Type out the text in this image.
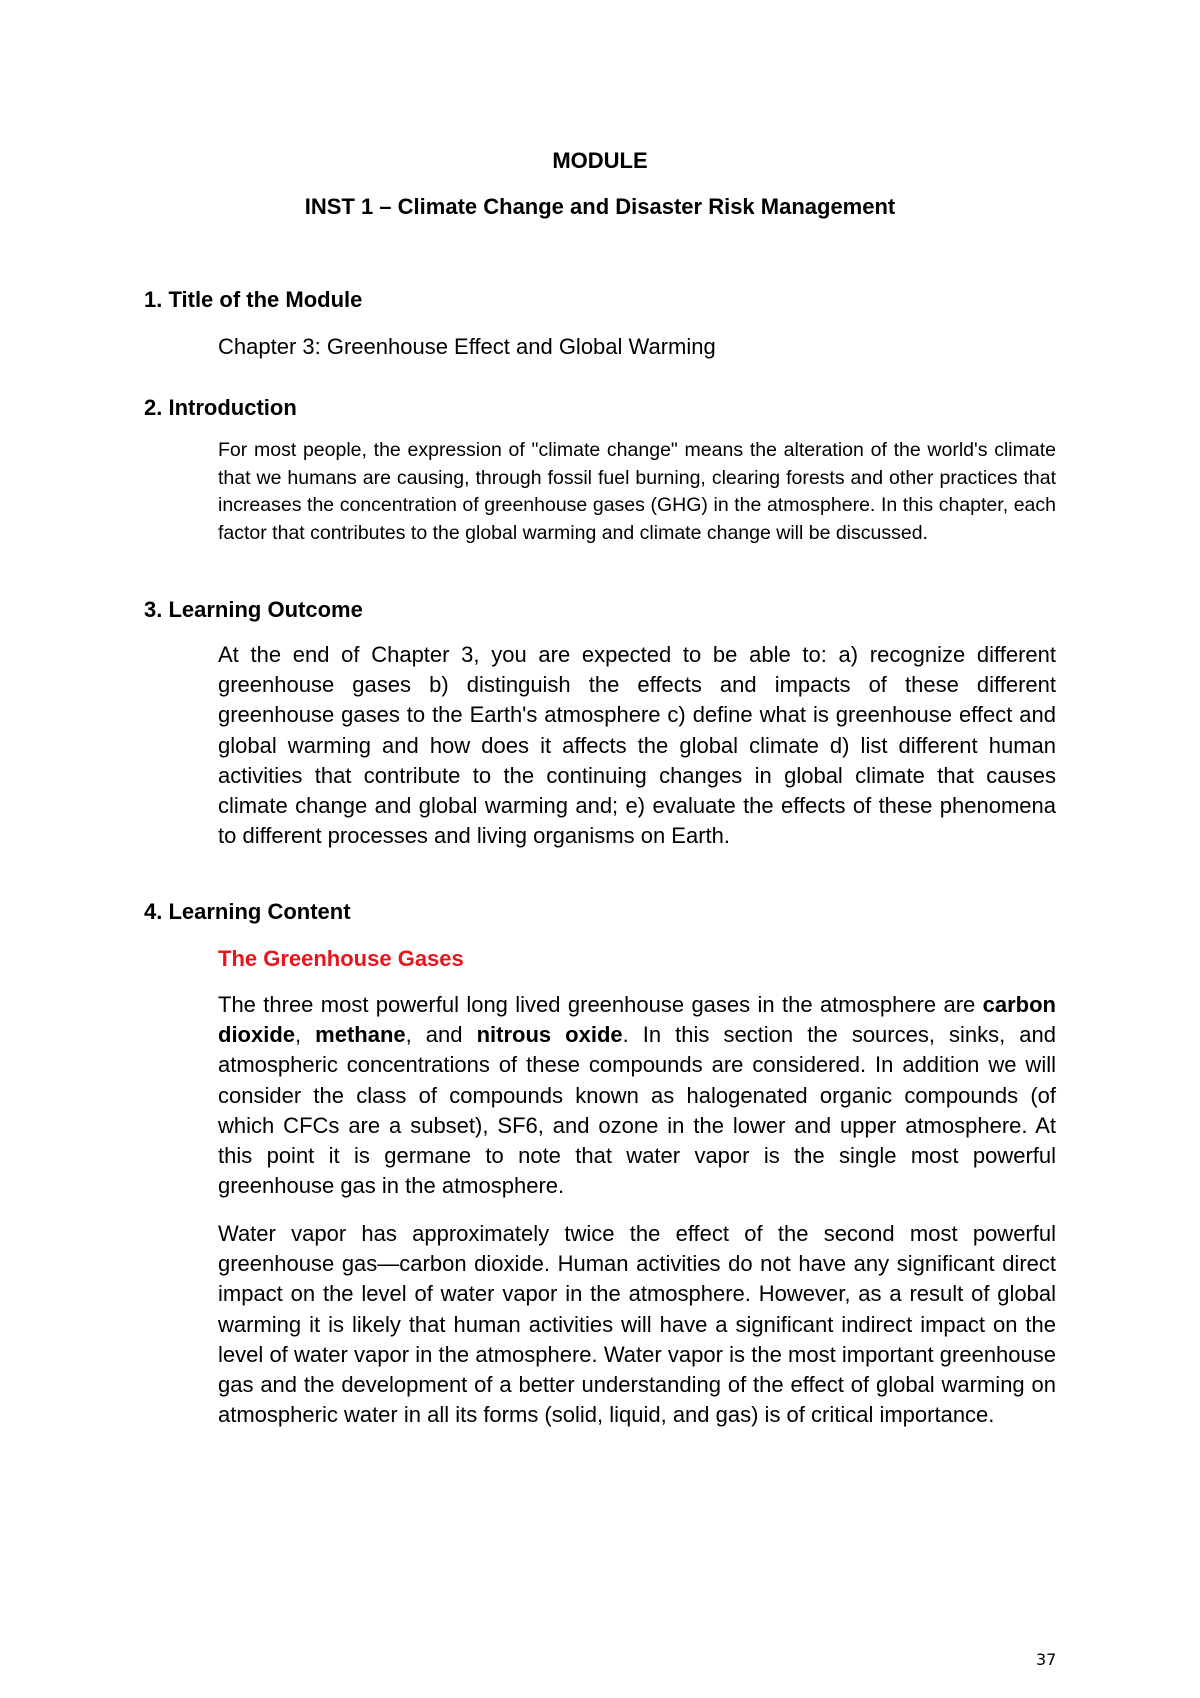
MODULE
INST 1 – Climate Change and Disaster Risk Management
1. Title of the Module
Chapter 3: Greenhouse Effect and Global Warming
2. Introduction
For most people, the expression of "climate change" means the alteration of the world's climate that we humans are causing, through fossil fuel burning, clearing forests and other practices that increases the concentration of greenhouse gases (GHG) in the atmosphere. In this chapter, each factor that contributes to the global warming and climate change will be discussed.
3. Learning Outcome
At the end of Chapter 3, you are expected to be able to: a) recognize different greenhouse gases b) distinguish the effects and impacts of these different greenhouse gases to the Earth's atmosphere c) define what is greenhouse effect and global warming and how does it affects the global climate d) list different human activities that contribute to the continuing changes in global climate that causes climate change and global warming and; e) evaluate the effects of these phenomena to different processes and living organisms on Earth.
4. Learning Content
The Greenhouse Gases
The three most powerful long lived greenhouse gases in the atmosphere are carbon dioxide, methane, and nitrous oxide. In this section the sources, sinks, and atmospheric concentrations of these compounds are considered. In addition we will consider the class of compounds known as halogenated organic compounds (of which CFCs are a subset), SF6, and ozone in the lower and upper atmosphere. At this point it is germane to note that water vapor is the single most powerful greenhouse gas in the atmosphere.
Water vapor has approximately twice the effect of the second most powerful greenhouse gas—carbon dioxide. Human activities do not have any significant direct impact on the level of water vapor in the atmosphere. However, as a result of global warming it is likely that human activities will have a significant indirect impact on the level of water vapor in the atmosphere. Water vapor is the most important greenhouse gas and the development of a better understanding of the effect of global warming on atmospheric water in all its forms (solid, liquid, and gas) is of critical importance.
37
